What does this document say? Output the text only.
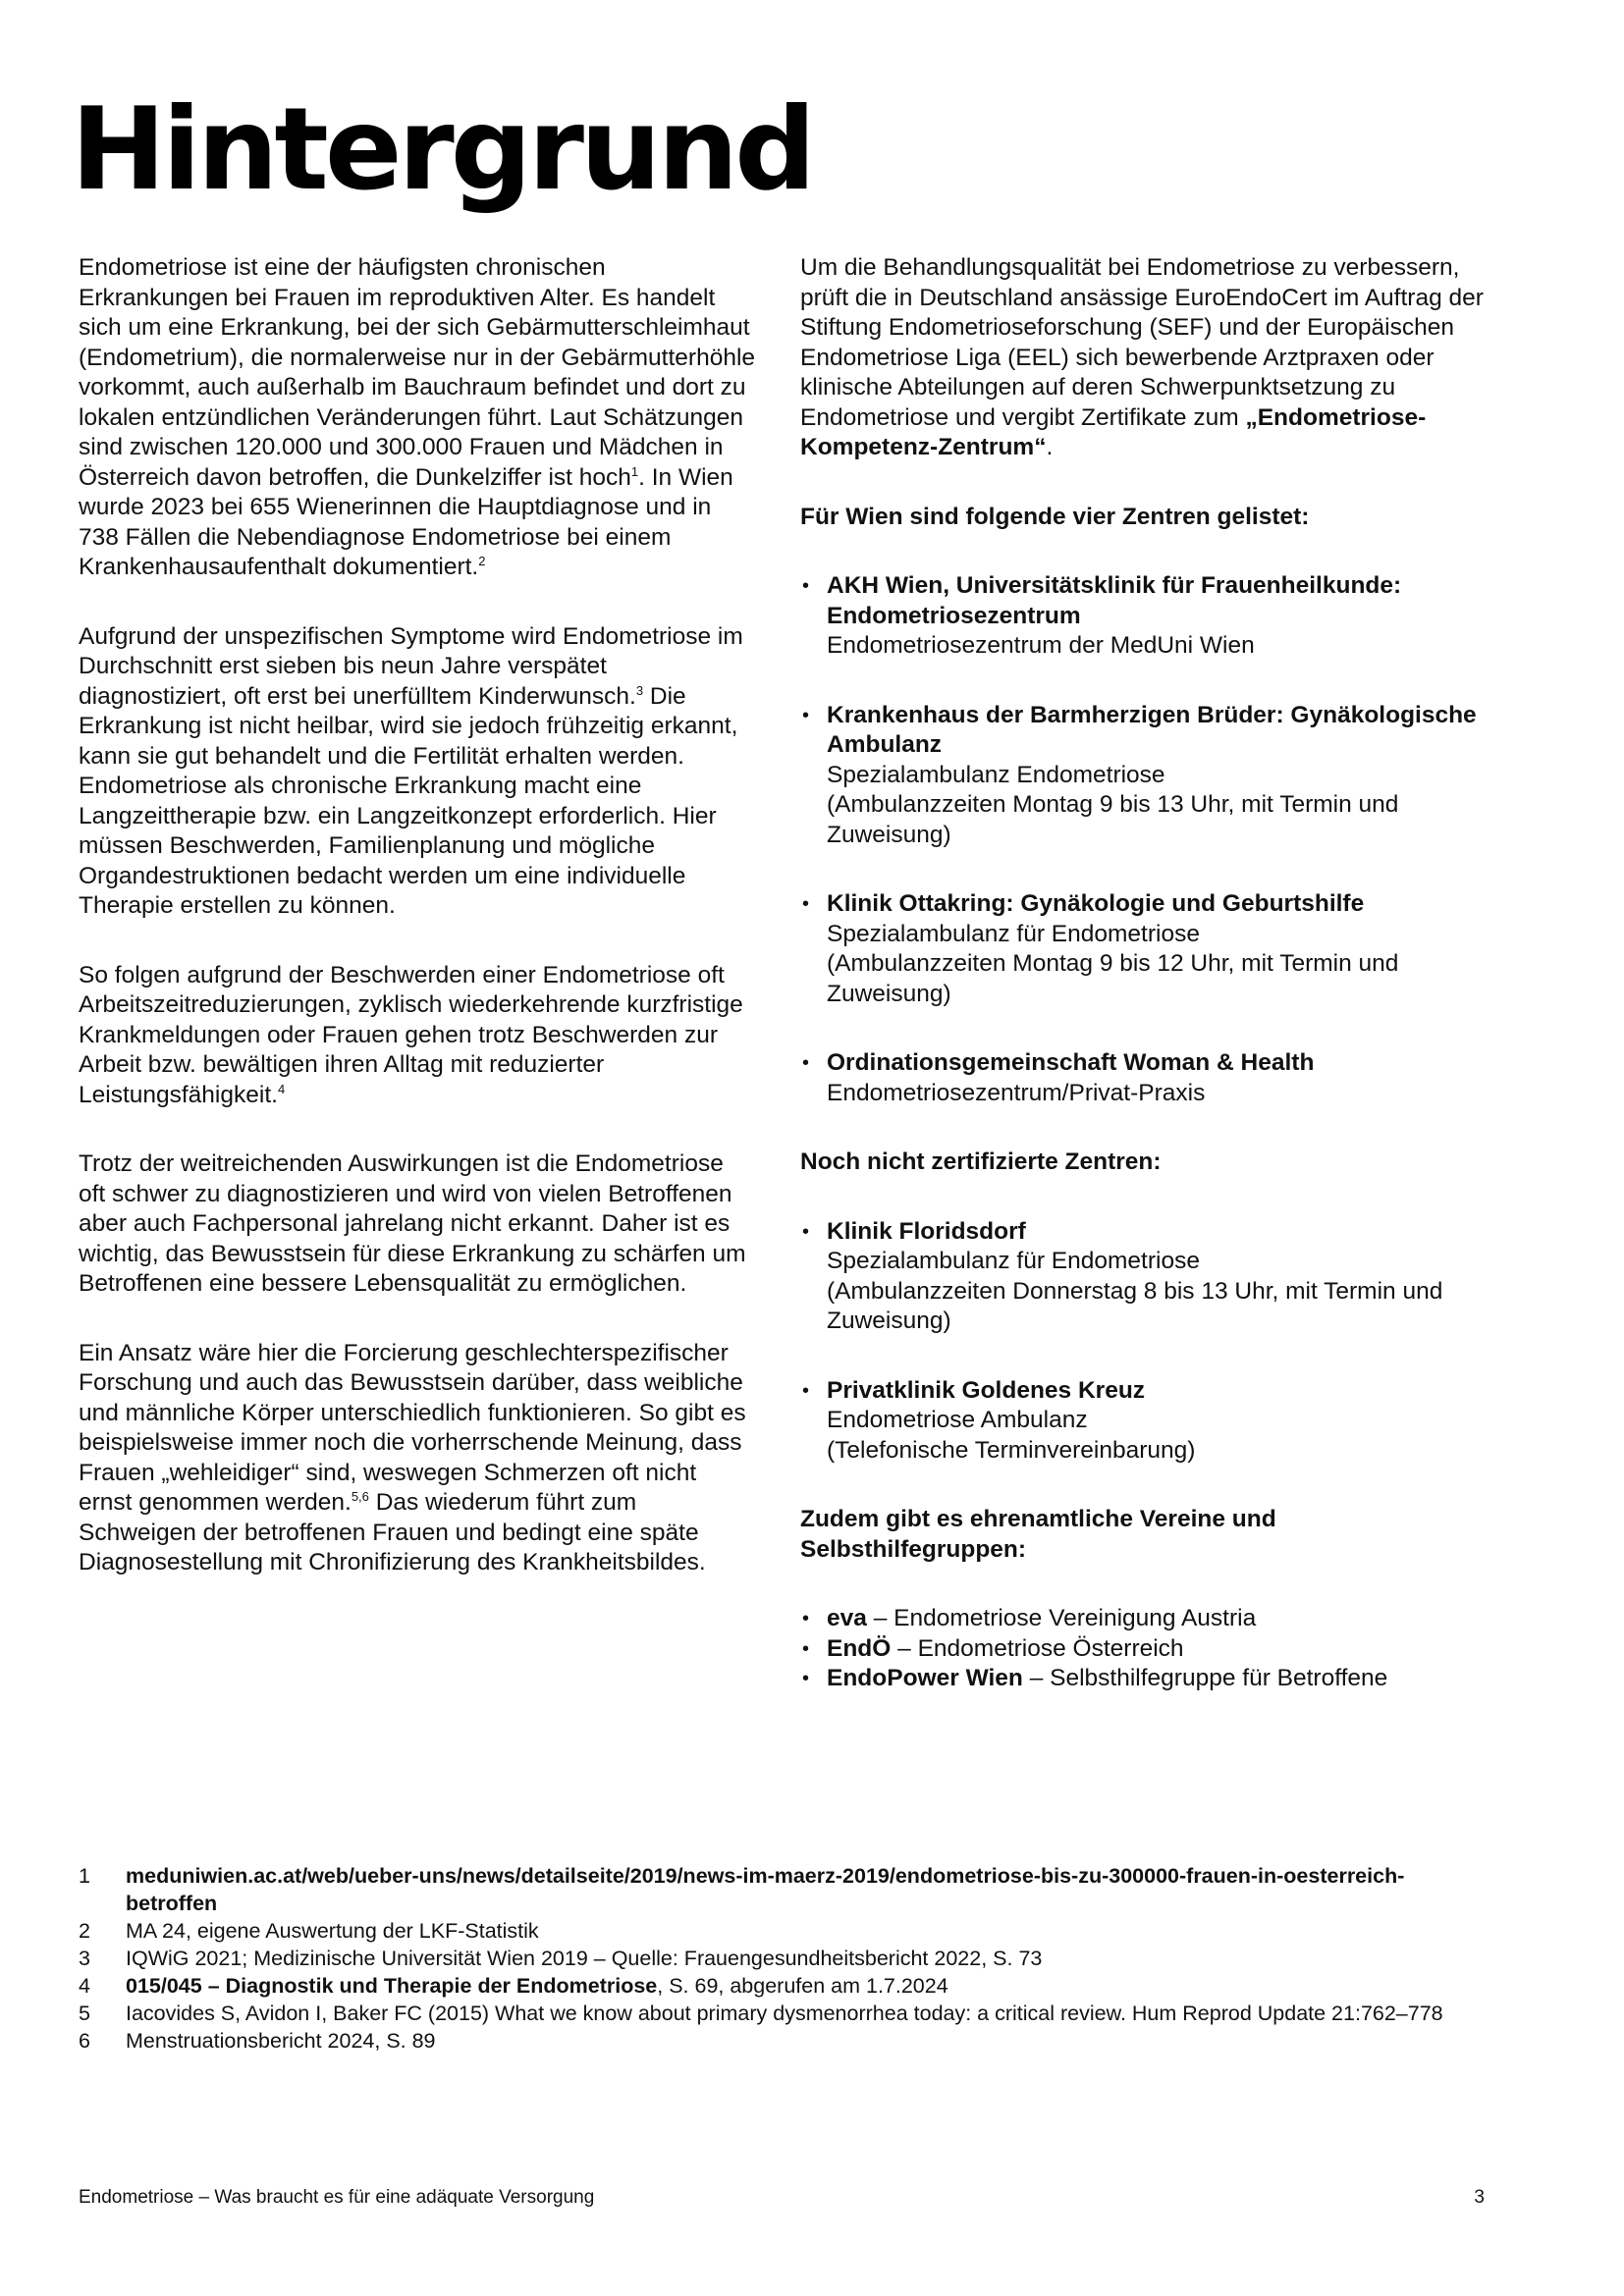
Hintergrund

Endometriose ist eine der häufigsten chronischen Erkrankungen bei Frauen im reproduktiven Alter. Es handelt sich um eine Erkrankung, bei der sich Gebärmutterschleimhaut (Endometrium), die normalerweise nur in der Gebärmutterhöhle vorkommt, auch außerhalb im Bauchraum befindet und dort zu lokalen entzündlichen Veränderungen führt. Laut Schätzungen sind zwischen 120.000 und 300.000 Frauen und Mädchen in Österreich davon betroffen, die Dunkelziffer ist hoch$^1$. In Wien wurde 2023 bei 655 Wienerinnen die Hauptdiagnose und in 738 Fällen die Nebendiagnose Endometriose bei einem Krankenhausaufenthalt dokumentiert.$^2$

Aufgrund der unspezifischen Symptome wird Endometriose im Durchschnitt erst sieben bis neun Jahre verspätet diagnostiziert, oft erst bei unerfülltem Kinderwunsch.$^3$ Die Erkrankung ist nicht heilbar, wird sie jedoch frühzeitig erkannt, kann sie gut behandelt und die Fertilität erhalten werden. Endometriose als chronische Erkrankung macht eine Langzeittherapie bzw. ein Langzeitkonzept erforderlich. Hier müssen Beschwerden, Familienplanung und mögliche Organdestruktionen bedacht werden um eine individuelle Therapie erstellen zu können.

So folgen aufgrund der Beschwerden einer Endometriose oft Arbeitszeitreduzierungen, zyklisch wiederkehrende kurzfristige Krankmeldungen oder Frauen gehen trotz Beschwerden zur Arbeit bzw. bewältigen ihren Alltag mit reduzierter Leistungsfähigkeit.$^4$

Trotz der weitreichenden Auswirkungen ist die Endometriose oft schwer zu diagnostizieren und wird von vielen Betroffenen aber auch Fachpersonal jahrelang nicht erkannt. Daher ist es wichtig, das Bewusstsein für diese Erkrankung zu schärfen um Betroffenen eine bessere Lebensqualität zu ermöglichen.

Ein Ansatz wäre hier die Forcierung geschlechterspezifischer Forschung und auch das Bewusstsein darüber, dass weibliche und männliche Körper unterschiedlich funktionieren. So gibt es beispielsweise immer noch die vorherrschende Meinung, dass Frauen „wehleidiger“ sind, weswegen Schmerzen oft nicht ernst genommen werden.$^{5,6}$ Das wiederum führt zum Schweigen der betroffenen Frauen und bedingt eine späte Diagnosestellung mit Chronifizierung des Krankheitsbildes.

Um die Behandlungsqualität bei Endometriose zu verbessern, prüft die in Deutschland ansässige EuroEndoCert im Auftrag der Stiftung Endometrioseforschung (SEF) und der Europäischen Endometriose Liga (EEL) sich bewerbende Arztpraxen oder klinische Abteilungen auf deren Schwerpunktsetzung zu Endometriose und vergibt Zertifikate zum „Endometriose-Kompetenz-Zentrum“.

Für Wien sind folgende vier Zentren gelistet:
• AKH Wien, Universitätsklinik für Frauenheilkunde: Endometriosezentrum
Endometriosezentrum der MedUni Wien
• Krankenhaus der Barmherzigen Brüder: Gynäkologische Ambulanz
Spezialambulanz Endometriose
(Ambulanzzeiten Montag 9 bis 13 Uhr, mit Termin und Zuweisung)
• Klinik Ottakring: Gynäkologie und Geburtshilfe
Spezialambulanz für Endometriose
(Ambulanzzeiten Montag 9 bis 12 Uhr, mit Termin und Zuweisung)
• Ordinationsgemeinschaft Woman & Health
Endometriosezentrum/Privat-Praxis
Noch nicht zertifizierte Zentren:
• Klinik Floridsdorf
Spezialambulanz für Endometriose
(Ambulanzzeiten Donnerstag 8 bis 13 Uhr, mit Termin und Zuweisung)
• Privatklinik Goldenes Kreuz
Endometriose Ambulanz
(Telefonische Terminvereinbarung)
Zudem gibt es ehrenamtliche Vereine und Selbsthilfegruppen:
• eva – Endometriose Vereinigung Austria
• EndÖ – Endometriose Österreich
• EndoPower Wien – Selbsthilfegruppe für Betroffene
1	meduniwien.ac.at/web/ueber-uns/news/detailseite/2019/news-im-maerz-2019/endometriose-bis-zu-300000-frauen-in-oesterreich-betroffen
2	MA 24, eigene Auswertung der LKF-Statistik
3	IQWiG 2021; Medizinische Universität Wien 2019 – Quelle: Frauengesundheitsbericht 2022, S. 73
4	015/045 – Diagnostik und Therapie der Endometriose, S. 69, abgerufen am 1.7.2024
5	Iacovides S, Avidon I, Baker FC (2015) What we know about primary dysmenorrhea today: a critical review. Hum Reprod Update 21:762–778
6	Menstruationsbericht 2024, S. 89
Endometriose – Was braucht es für eine adäquate Versorgung	3
